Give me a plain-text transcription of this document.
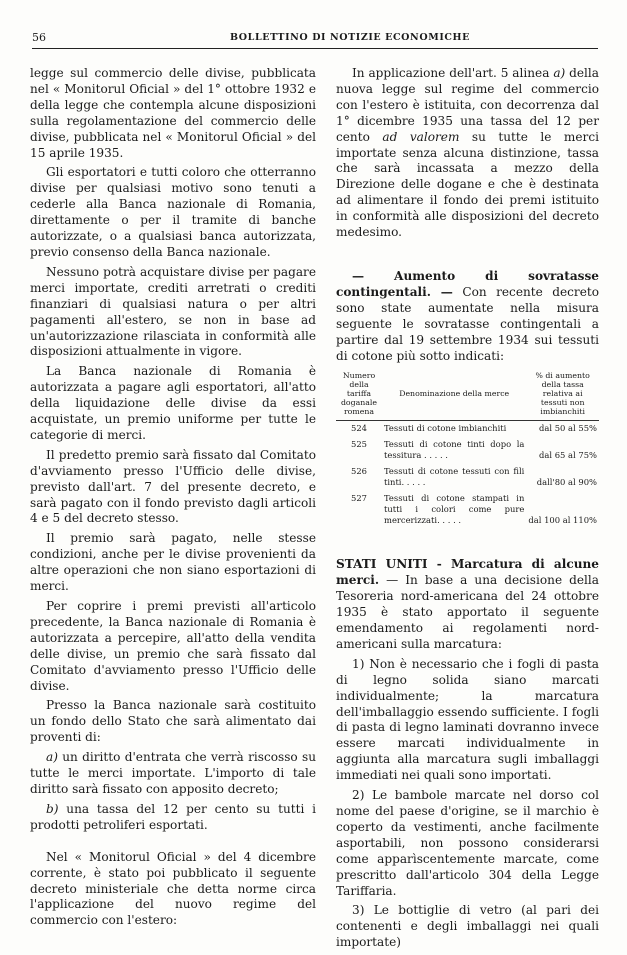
56	BOLLETTINO DI NOTIZIE ECONOMICHE

legge sul commercio delle divise, pubblicata nel « Monitorul Oficial » del 1° ottobre 1932 e della legge che contempla alcune disposizioni sulla regolamentazione del commercio delle divise, pubblicata nel « Monitorul Oficial » del 15 aprile 1935.

Gli esportatori e tutti coloro che otterranno divise per qualsiasi motivo sono tenuti a cederle alla Banca nazionale di Romania, direttamente o per il tramite di banche autorizzate, o a qualsiasi banca autorizzata, previo consenso della Banca nazionale.

Nessuno potrà acquistare divise per pagare merci importate, crediti arretrati o crediti finanziari di qualsiasi natura o per altri pagamenti all'estero, se non in base ad un'autorizzazione rilasciata in conformità alle disposizioni attualmente in vigore.

La Banca nazionale di Romania è autorizzata a pagare agli esportatori, all'atto della liquidazione delle divise da essi acquistate, un premio uniforme per tutte le categorie di merci.

Il predetto premio sarà fissato dal Comitato d'avviamento presso l'Ufficio delle divise, previsto dall'art. 7 del presente decreto, e sarà pagato con il fondo previsto dagli articoli 4 e 5 del decreto stesso.

Il premio sarà pagato, nelle stesse condizioni, anche per le divise provenienti da altre operazioni che non siano esportazioni di merci.

Per coprire i premi previsti all'articolo precedente, la Banca nazionale di Romania è autorizzata a percepire, all'atto della vendita delle divise, un premio che sarà fissato dal Comitato d'avviamento presso l'Ufficio delle divise.

Presso la Banca nazionale sarà costituito un fondo dello Stato che sarà alimentato dai proventi di:

a) un diritto d'entrata che verrà riscosso su tutte le merci importate. L'importo di tale diritto sarà fissato con apposito decreto;

b) una tassa del 12 per cento su tutti i prodotti petroliferi esportati.

Nel « Monitorul Oficial » del 4 dicembre corrente, è stato poi pubblicato il seguente decreto ministeriale che detta norme circa l'applicazione del nuovo regime del commercio con l'estero:

In applicazione dell'art. 5 alinea a) della nuova legge sul regime del commercio con l'estero è istituita, con decorrenza dal 1° dicembre 1935 una tassa del 12 per cento ad valorem su tutte le merci importate senza alcuna distinzione, tassa che sarà incassata a mezzo della Direzione delle dogane e che è destinata ad alimentare il fondo dei premi istituito in conformità alle disposizioni del decreto medesimo.

— Aumento di sovratasse contingentali. — Con recente decreto sono state aumentate nella misura seguente le sovratasse contingentali a partire dal 19 settembre 1934 sui tessuti di cotone più sotto indicati:

Numero della tariffa doganale romena	Denominazione della merce	% di aumento della tassa relativa ai tessuti non imbianchiti
524	Tessuti di cotone imbianchiti	dal 50 al 55%
525	Tessuti di cotone tinti dopo la tessitura . . . . .	dal 65 al 75%
526	Tessuti di cotone tessuti con fili tinti. . . . .	dall'80 al 90%
527	Tessuti di cotone stampati in tutti i colori come pure mercerizzati. . . . .	dal 100 al 110%

STATI UNITI - Marcatura di alcune merci. — In base a una decisione della Tesoreria nord-americana del 24 ottobre 1935 è stato apportato il seguente emendamento ai regolamenti nord-americani sulla marcatura:

1) Non è necessario che i fogli di pasta di legno solida siano marcati individualmente; la marcatura dell'imballaggio essendo sufficiente. I fogli di pasta di legno laminati dovranno invece essere marcati individualmente in aggiunta alla marcatura sugli imballaggi immediati nei quali sono importati.

2) Le bambole marcate nel dorso col nome del paese d'origine, se il marchio è coperto da vestimenti, anche facilmente asportabili, non possono considerarsi come apparìscentemente marcate, come prescritto dall'articolo 304 della Legge Tariffaria.

3) Le bottiglie di vetro (al pari dei contenenti e degli imballaggi nei quali importate)
